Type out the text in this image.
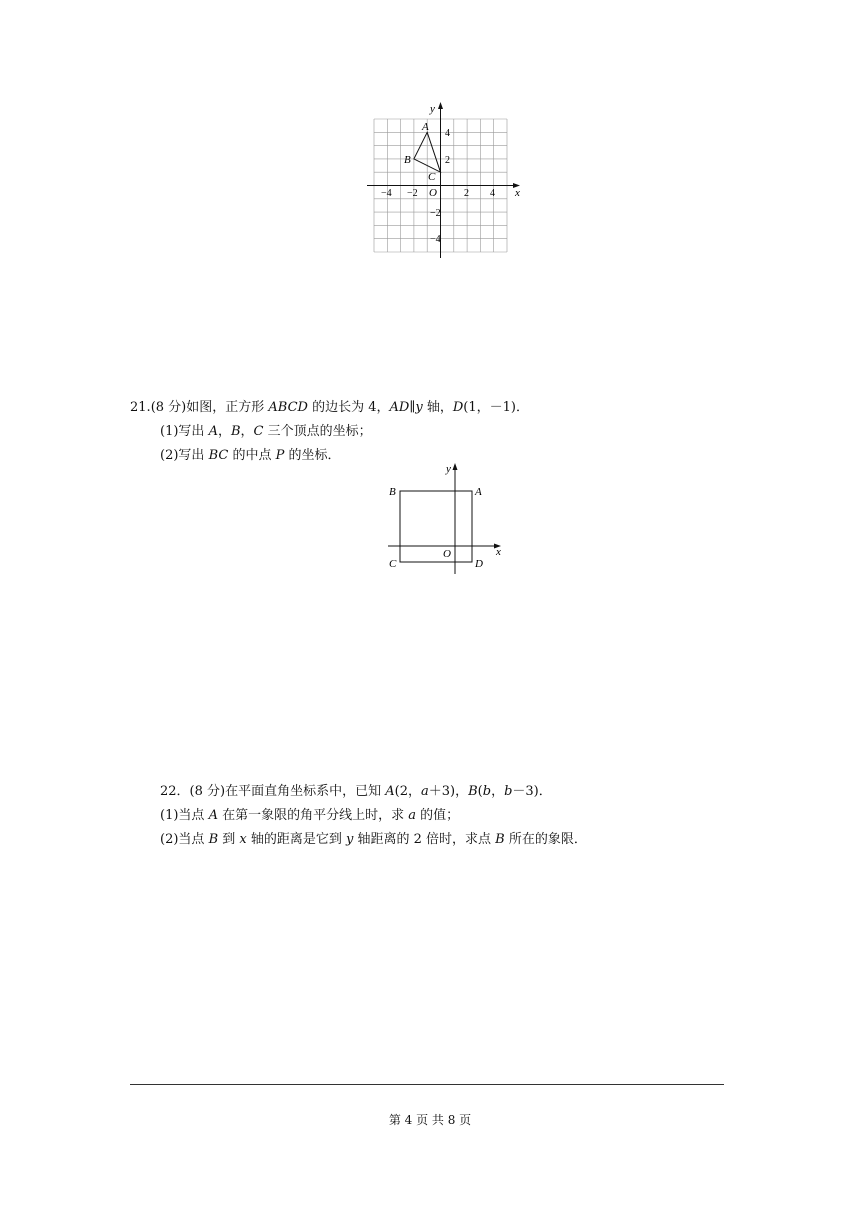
x
y
O
−4 −2	2 4
4
2
−2
−4
A
B
C
21.(8 分)如图，正方形 ABCD 的边长为 4，AD∥y 轴，D(1，－1)．
(1)写出 A，B，C 三个顶点的坐标；
(2)写出 BC 的中点 P 的坐标．
x
y
O
B	A
C	D
22．(8 分)在平面直角坐标系中，已知 A(2，a＋3)，B(b，b－3)．
(1)当点 A 在第一象限的角平分线上时，求 a 的值；
(2)当点 B 到 x 轴的距离是它到 y 轴距离的 2 倍时，求点 B 所在的象限．
第 4 页 共 8 页
